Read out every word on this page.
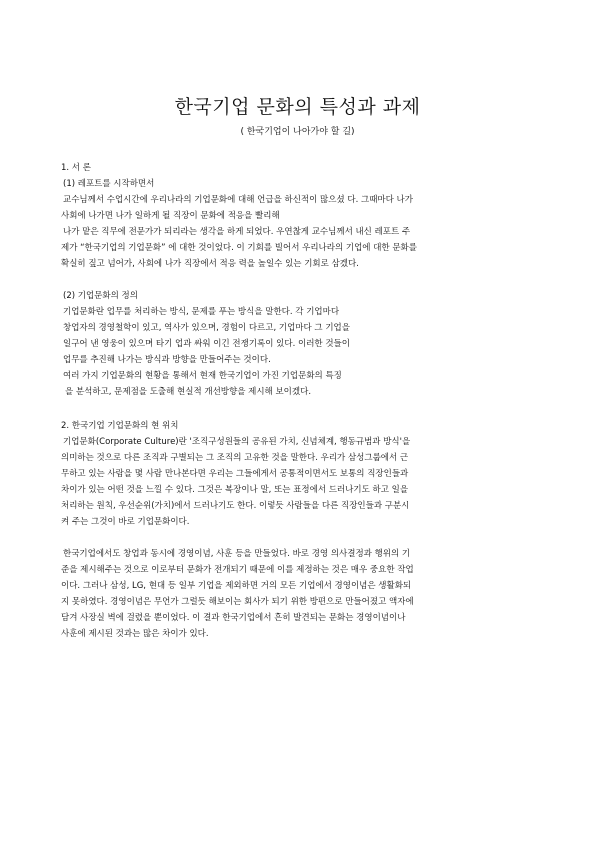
한국기업 문화의 특성과 과제

( 한국기업이 나아가야 할 길)

1. 서 론
(1) 레포트를 시작하면서
교수님께서 수업시간에 우리나라의 기업문화에 대해 언급을 하신적이 많으셨 다. 그때마다 나가
사회에 나가면 나가 일하게 될 직장이 문화에 적응을 빨리해
나가 맡은 직무에 전문가가 되리라는 생각을 하게 되었다. 우연찮게 교수님께서 내신 레포트 주
제가 “한국기업의 기업문화” 에 대한 것이었다. 이 기회를 빌어서 우리나라의 기업에 대한 문화를
확실히 짚고 넘어가, 사회에 나가 직장에서 적응 력을 높일수 있는 기회로 삼겠다.
(2) 기업문화의 정의
기업문화란 업무를 처리하는 방식, 문제를 푸는 방식을 말한다. 각 기업마다
창업자의 경영철학이 있고, 역사가 있으며, 경험이 다르고, 기업마다 그 기업을
일구어 낸 영웅이 있으며 타기 업과 싸워 이긴 전쟁기록이 있다. 이러한 것들이
업무를 추진해 나가는 방식과 방향을 만들어주는 것이다.
여러 가지 기업문화의 현황을 통해서 현재 한국기업이 가진 기업문화의 특징
을 분석하고, 문제점을 도출해 현실적 개선방향을 제시해 보이겠다.
2. 한국기업 기업문화의 현 위치
기업문화(Corporate Culture)란 '조직구성원들의 공유된 가치, 신념체계, 행동규범과 방식'을
의미하는 것으로 다른 조직과 구별되는 그 조직의 고유한 것을 말한다. 우리가 삼성그룹에서 근
무하고 있는 사람을 몇 사람 만나본다면 우리는 그들에게서 공통적이면서도 보통의 직장인들과
차이가 있는 어떤 것을 느낄 수 있다. 그것은 복장이나 말, 또는 표정에서 드러나기도 하고 일을
처리하는 원칙, 우선순위(가치)에서 드러나기도 한다. 이렇듯 사람들을 다른 직장인들과 구분시
켜 주는 그것이 바로 기업문화이다.
한국기업에서도 창업과 동시에 경영이념, 사훈 등을 만들었다. 바로 경영 의사결정과 행위의 기
준을 제시해주는 것으로 이로부터 문화가 전개되기 때문에 이를 제정하는 것은 매우 중요한 작업
이다. 그러나 삼성, LG, 현대 등 일부 기업을 제외하면 거의 모든 기업에서 경영이념은 생활화되
지 못하였다. 경영이념은 무언가 그럴듯 해보이는 회사가 되기 위한 방편으로 만들어졌고 액자에
담겨 사장실 벽에 걸렸을 뿐이었다. 이 결과 한국기업에서 흔히 발견되는 문화는 경영이념이나
사훈에 제시된 것과는 많은 차이가 있다.
